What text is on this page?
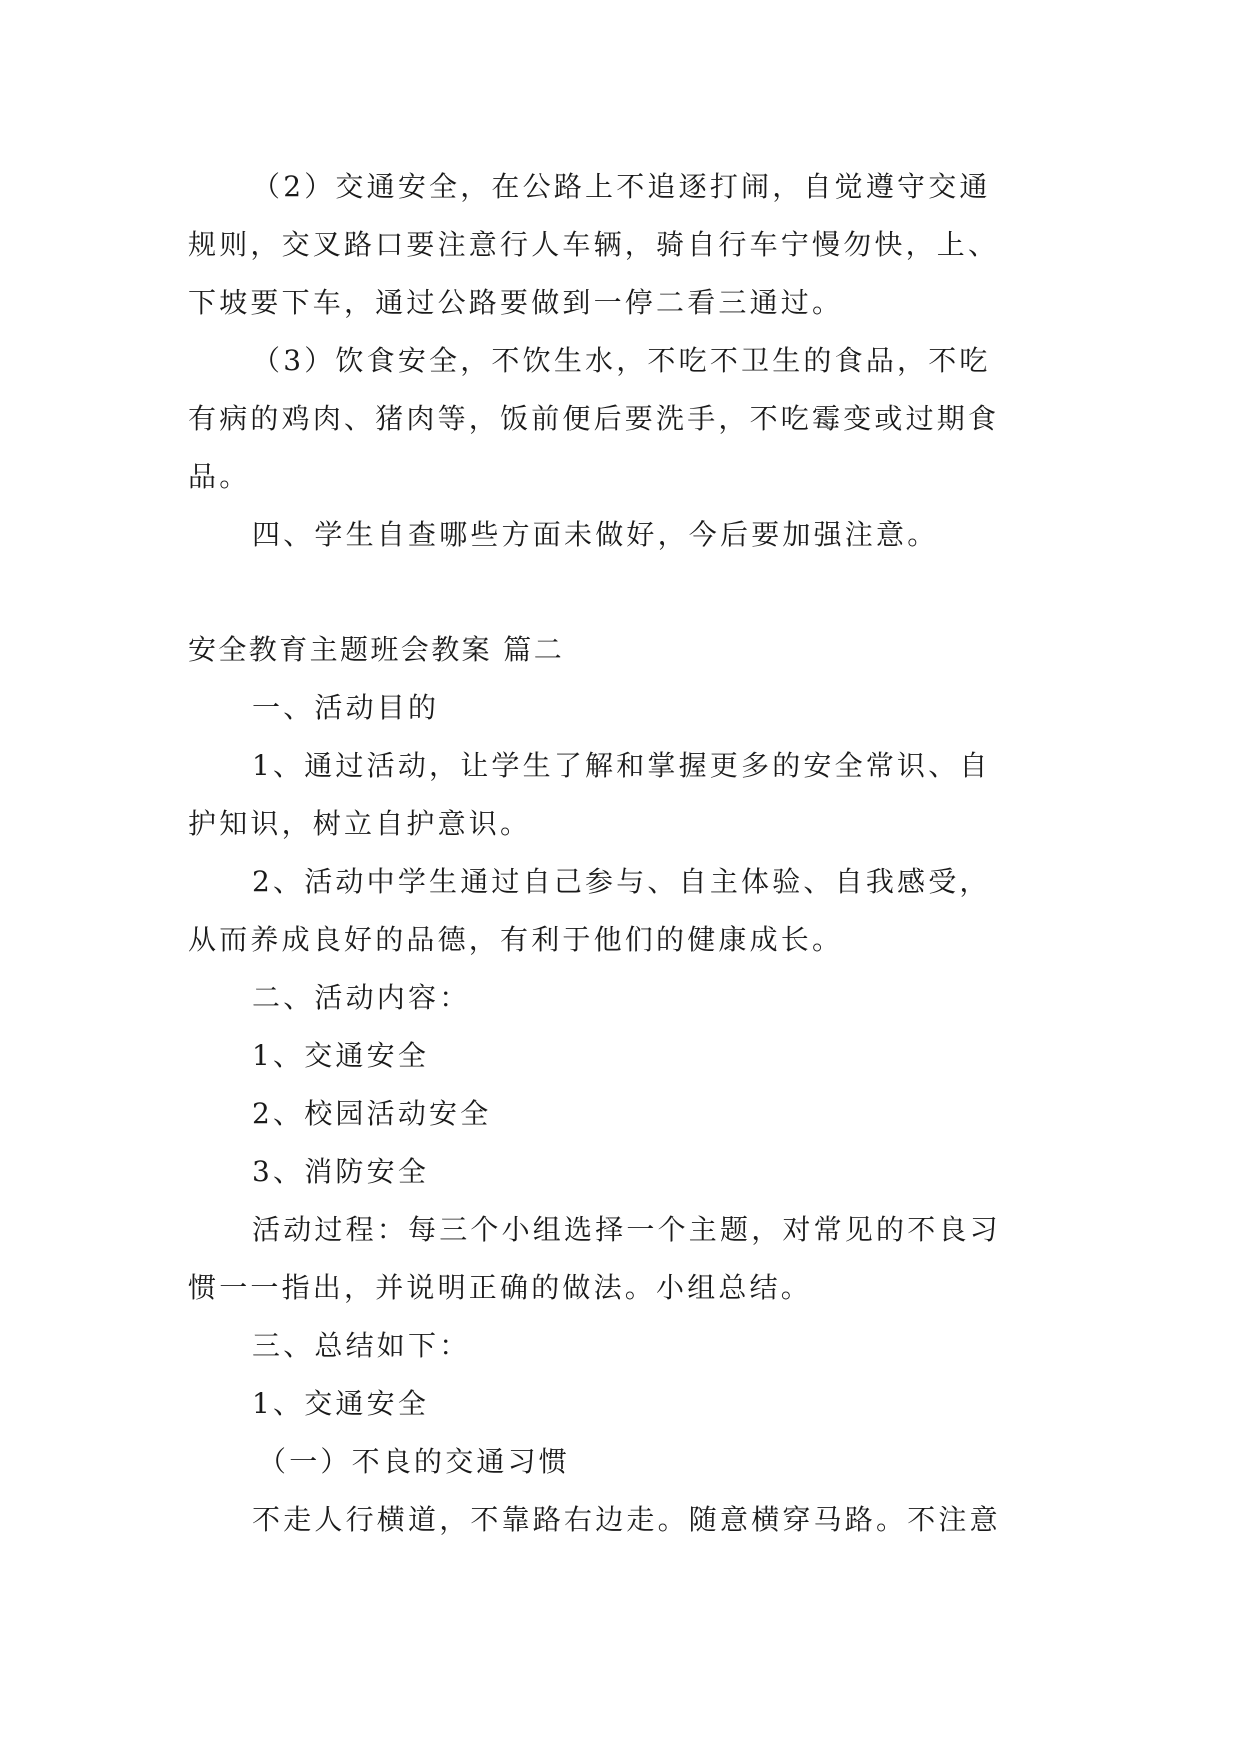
（2）交通安全，在公路上不追逐打闹，自觉遵守交通

规则，交叉路口要注意行人车辆，骑自行车宁慢勿快，上、

下坡要下车，通过公路要做到一停二看三通过。

（3）饮食安全，不饮生水，不吃不卫生的食品，不吃

有病的鸡肉、猪肉等，饭前便后要洗手，不吃霉变或过期食

品。

四、学生自查哪些方面未做好，今后要加强注意。

安全教育主题班会教案 篇二

一、活动目的

1、通过活动，让学生了解和掌握更多的安全常识、自

护知识，树立自护意识。

2、活动中学生通过自己参与、自主体验、自我感受，

从而养成良好的品德，有利于他们的健康成长。

二、活动内容：

1、交通安全

2、校园活动安全

3、消防安全

活动过程：每三个小组选择一个主题，对常见的不良习

惯一一指出，并说明正确的做法。小组总结。

三、总结如下：

1、交通安全

（一）不良的交通习惯

不走人行横道，不靠路右边走。随意横穿马路。不注意
